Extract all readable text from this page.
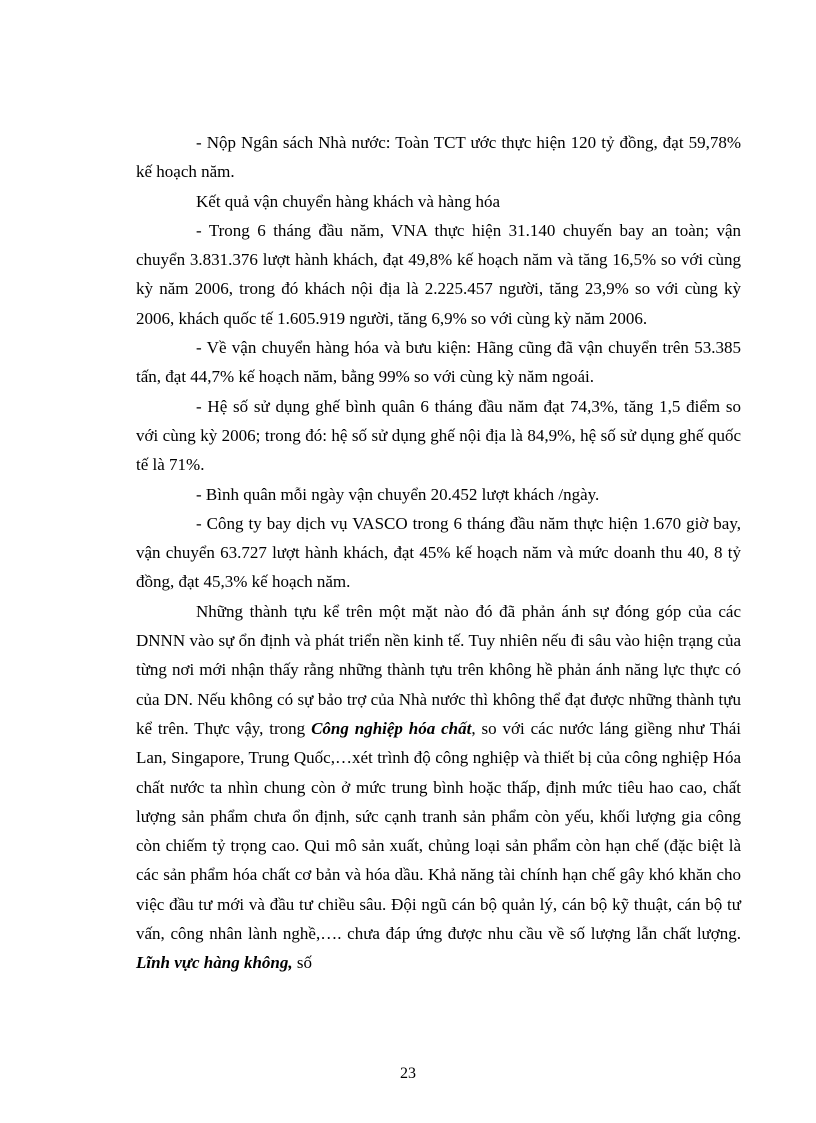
- Nộp Ngân sách Nhà nước: Toàn TCT ước thực hiện 120 tỷ đồng, đạt 59,78% kế hoạch năm.

Kết quả vận chuyển hàng khách và hàng hóa

- Trong 6 tháng đầu năm, VNA thực hiện 31.140 chuyến bay an toàn; vận chuyển 3.831.376 lượt hành khách, đạt 49,8% kế hoạch năm và tăng 16,5% so với cùng kỳ năm 2006, trong đó khách nội địa là 2.225.457 người, tăng 23,9% so với cùng kỳ 2006, khách quốc tế 1.605.919 người, tăng 6,9% so với cùng kỳ năm 2006.

- Về vận chuyển hàng hóa và bưu kiện: Hãng cũng đã vận chuyển trên 53.385 tấn, đạt 44,7% kế hoạch năm, bằng 99% so với cùng kỳ năm ngoái.

- Hệ số sử dụng ghế bình quân 6 tháng đầu năm đạt 74,3%, tăng 1,5 điểm so với cùng kỳ 2006; trong đó: hệ số sử dụng ghế nội địa là 84,9%, hệ số sử dụng ghế quốc tế là 71%.

- Bình quân mỗi ngày vận chuyển 20.452 lượt khách /ngày.

- Công ty bay dịch vụ VASCO trong 6 tháng đầu năm thực hiện 1.670 giờ bay, vận chuyển 63.727 lượt hành khách, đạt 45% kế hoạch năm và mức doanh thu 40, 8 tỷ đồng, đạt 45,3% kế hoạch năm.

Những thành tựu kể trên một mặt nào đó đã phản ánh sự đóng góp của các DNNN vào sự ổn định và phát triển nền kinh tế. Tuy nhiên nếu đi sâu vào hiện trạng của từng nơi mới nhận thấy rằng những thành tựu trên không hề phản ánh năng lực thực có của DN. Nếu không có sự bảo trợ của Nhà nước thì không thể đạt được những thành tựu kể trên. Thực vậy, trong Công nghiệp hóa chất, so với các nước láng giềng như Thái Lan, Singapore, Trung Quốc,…xét trình độ công nghiệp và thiết bị của công nghiệp Hóa chất nước ta nhìn chung còn ở mức trung bình hoặc thấp, định mức tiêu hao cao, chất lượng sản phẩm chưa ổn định, sức cạnh tranh sản phẩm còn yếu, khối lượng gia công còn chiếm tỷ trọng cao. Qui mô sản xuất, chủng loại sản phẩm còn hạn chế (đặc biệt là các sản phẩm hóa chất cơ bản và hóa dầu. Khả năng tài chính hạn chế gây khó khăn cho việc đầu tư mới và đầu tư chiều sâu. Đội ngũ cán bộ quản lý, cán bộ kỹ thuật, cán bộ tư vấn, công nhân lành nghề,…. chưa đáp ứng được nhu cầu về số lượng lẫn chất lượng. Lĩnh vực hàng không, số

23
